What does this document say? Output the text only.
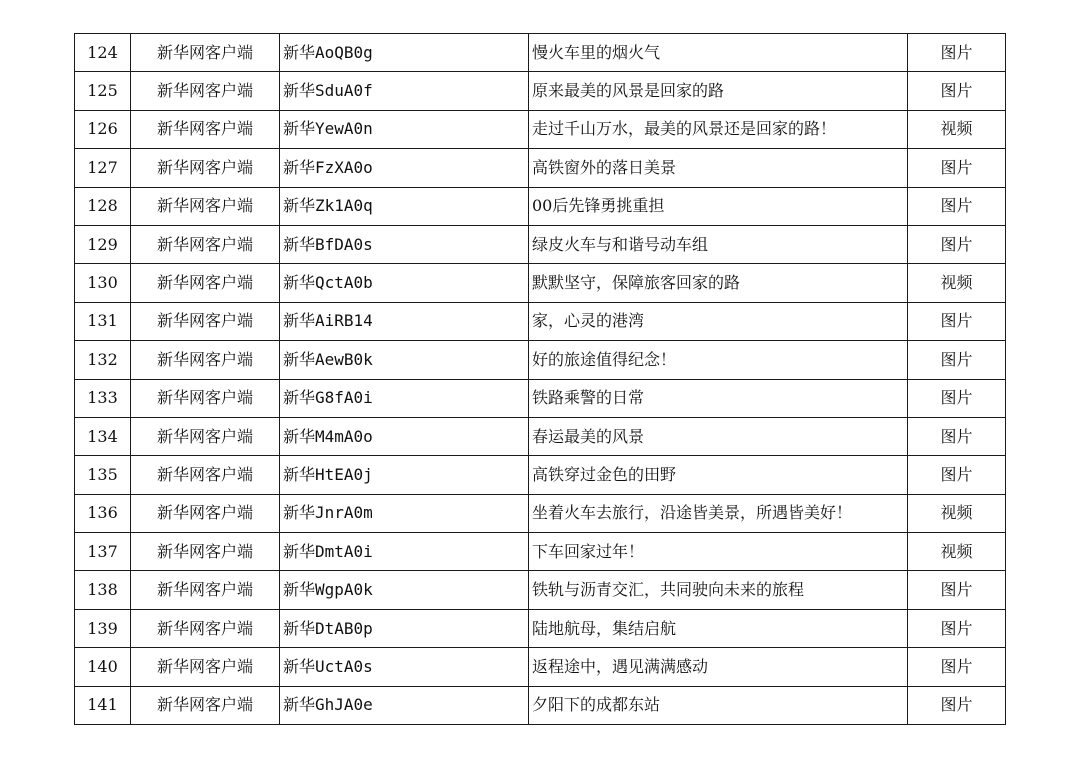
124	新华网客户端	新华AoQB0g	慢火车里的烟火气	图片
125	新华网客户端	新华SduA0f	原来最美的风景是回家的路	图片
126	新华网客户端	新华YewA0n	走过千山万水，最美的风景还是回家的路！	视频
127	新华网客户端	新华FzXA0o	高铁窗外的落日美景	图片
128	新华网客户端	新华Zk1A0q	00后先锋勇挑重担	图片
129	新华网客户端	新华BfDA0s	绿皮火车与和谐号动车组	图片
130	新华网客户端	新华QctA0b	默默坚守，保障旅客回家的路	视频
131	新华网客户端	新华AiRB14	家，心灵的港湾	图片
132	新华网客户端	新华AewB0k	好的旅途值得纪念！	图片
133	新华网客户端	新华G8fA0i	铁路乘警的日常	图片
134	新华网客户端	新华M4mA0o	春运最美的风景	图片
135	新华网客户端	新华HtEA0j	高铁穿过金色的田野	图片
136	新华网客户端	新华JnrA0m	坐着火车去旅行，沿途皆美景，所遇皆美好！	视频
137	新华网客户端	新华DmtA0i	下车回家过年！	视频
138	新华网客户端	新华WgpA0k	铁轨与沥青交汇，共同驶向未来的旅程	图片
139	新华网客户端	新华DtAB0p	陆地航母，集结启航	图片
140	新华网客户端	新华UctA0s	返程途中，遇见满满感动	图片
141	新华网客户端	新华GhJA0e	夕阳下的成都东站	图片
